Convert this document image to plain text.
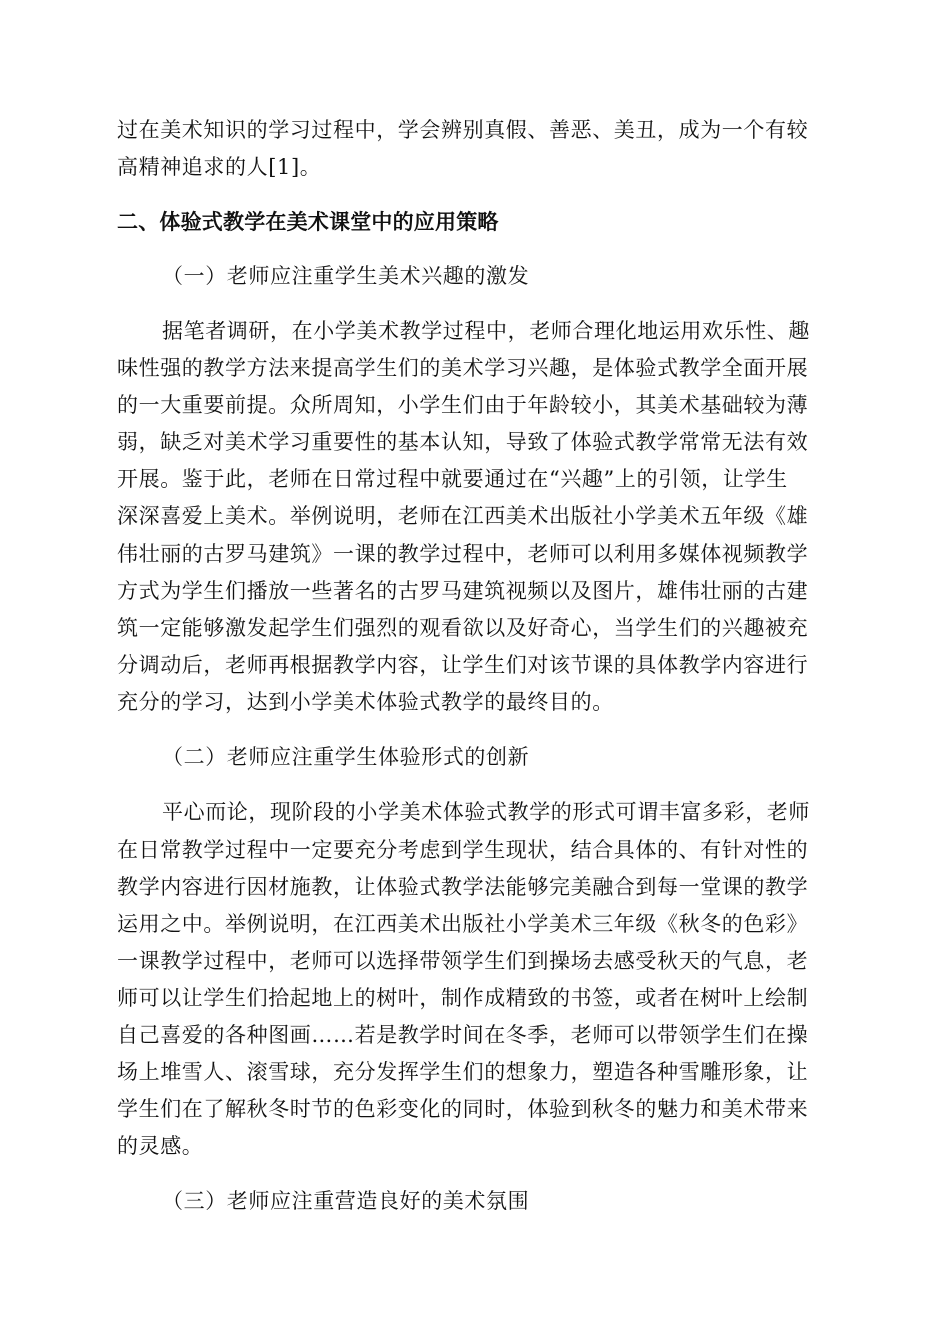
过在美术知识的学习过程中，学会辨别真假、善恶、美丑，成为一个有较
高精神追求的人[1]。
二、体验式教学在美术课堂中的应用策略
（一）老师应注重学生美术兴趣的激发
据笔者调研，在小学美术教学过程中，老师合理化地运用欢乐性、趣
味性强的教学方法来提高学生们的美术学习兴趣，是体验式教学全面开展
的一大重要前提。众所周知，小学生们由于年龄较小，其美术基础较为薄
弱，缺乏对美术学习重要性的基本认知，导致了体验式教学常常无法有效
开展。鉴于此，老师在日常过程中就要通过在“兴趣”上的引领，让学生
深深喜爱上美术。举例说明，老师在江西美术出版社小学美术五年级《雄
伟壮丽的古罗马建筑》一课的教学过程中，老师可以利用多媒体视频教学
方式为学生们播放一些著名的古罗马建筑视频以及图片，雄伟壮丽的古建
筑一定能够激发起学生们强烈的观看欲以及好奇心，当学生们的兴趣被充
分调动后，老师再根据教学内容，让学生们对该节课的具体教学内容进行
充分的学习，达到小学美术体验式教学的最终目的。
（二）老师应注重学生体验形式的创新
平心而论，现阶段的小学美术体验式教学的形式可谓丰富多彩，老师
在日常教学过程中一定要充分考虑到学生现状，结合具体的、有针对性的
教学内容进行因材施教，让体验式教学法能够完美融合到每一堂课的教学
运用之中。举例说明，在江西美术出版社小学美术三年级《秋冬的色彩》
一课教学过程中，老师可以选择带领学生们到操场去感受秋天的气息，老
师可以让学生们拾起地上的树叶，制作成精致的书签，或者在树叶上绘制
自己喜爱的各种图画……若是教学时间在冬季，老师可以带领学生们在操
场上堆雪人、滚雪球，充分发挥学生们的想象力，塑造各种雪雕形象，让
学生们在了解秋冬时节的色彩变化的同时，体验到秋冬的魅力和美术带来
的灵感。
（三）老师应注重营造良好的美术氛围
